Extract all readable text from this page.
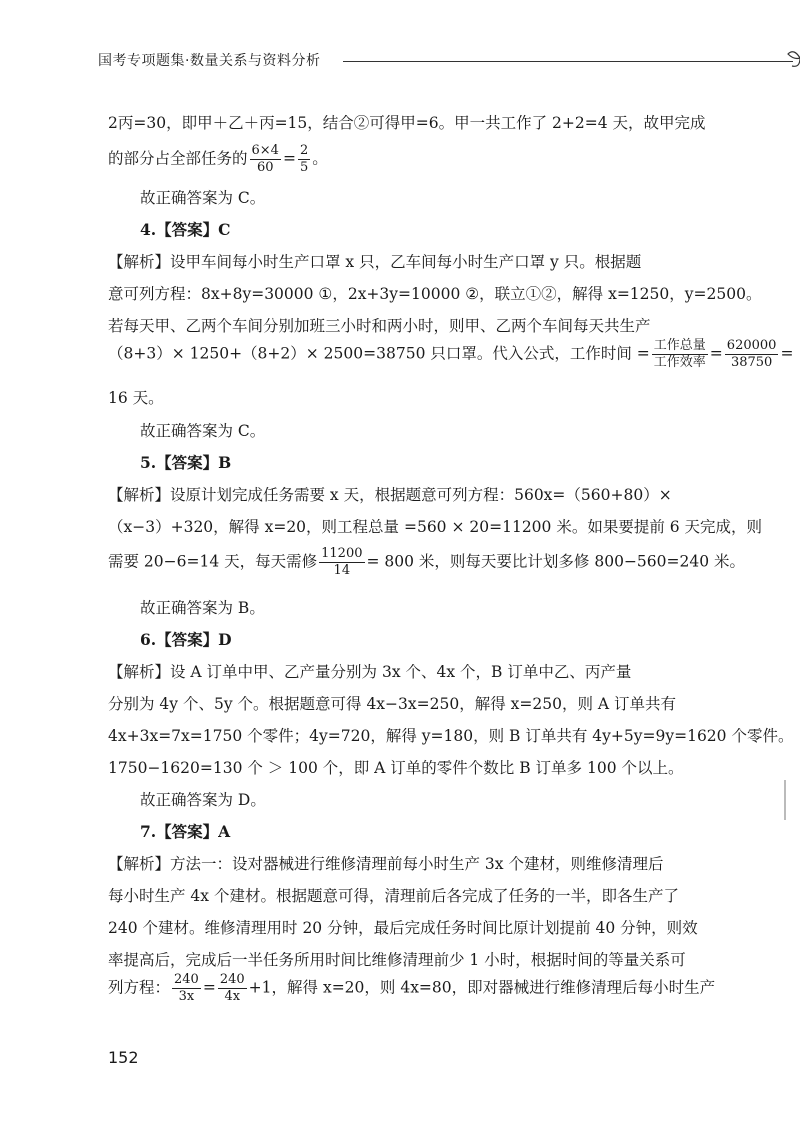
国考专项题集·数量关系与资料分析
2丙=30，即甲＋乙＋丙=15，结合②可得甲=6。甲一共工作了 2+2=4 天，故甲完成
的部分占全部任务的 $\frac{6\times 4}{60} = \frac{2}{5}$ 。
故正确答案为 C。
4.【答案】C
【解析】设甲车间每小时生产口罩 x 只，乙车间每小时生产口罩 y 只。根据题
意可列方程：8x+8y=30000 ①，2x+3y=10000 ②，联立①②，解得 x=1250，y=2500。
若每天甲、乙两个车间分别加班三小时和两小时，则甲、乙两个车间每天共生产
（8+3）× 1250+（8+2）× 2500=38750 只口罩。代入公式，工作时间 = $\frac{\text{工作总量}}{\text{工作效率}} = \frac{620000}{38750}$ =
16 天。
故正确答案为 C。
5.【答案】B
【解析】设原计划完成任务需要 x 天，根据题意可列方程：560x=（560+80）×
（x−3）+320，解得 x=20，则工程总量 =560 × 20=11200 米。如果要提前 6 天完成，则
需要 20−6=14 天，每天需修 $\frac{11200}{14} = 800$ 米，则每天要比计划多修 800−560=240 米。
故正确答案为 B。
6.【答案】D
【解析】设 A 订单中甲、乙产量分别为 3x 个、4x 个，B 订单中乙、丙产量
分别为 4y 个、5y 个。根据题意可得 4x−3x=250，解得 x=250，则 A 订单共有
4x+3x=7x=1750 个零件；4y=720，解得 y=180，则 B 订单共有 4y+5y=9y=1620 个零件。
1750−1620=130 个 ＞ 100 个，即 A 订单的零件个数比 B 订单多 100 个以上。
故正确答案为 D。
7.【答案】A
【解析】方法一：设对器械进行维修清理前每小时生产 3x 个建材，则维修清理后
每小时生产 4x 个建材。根据题意可得，清理前后各完成了任务的一半，即各生产了
240 个建材。维修清理用时 20 分钟，最后完成任务时间比原计划提前 40 分钟，则效
率提高后，完成后一半任务所用时间比维修清理前少 1 小时，根据时间的等量关系可
列方程： $\frac{240}{3x} = \frac{240}{4x} +1$，解得 x=20，则 4x=80，即对器械进行维修清理后每小时生产
152
